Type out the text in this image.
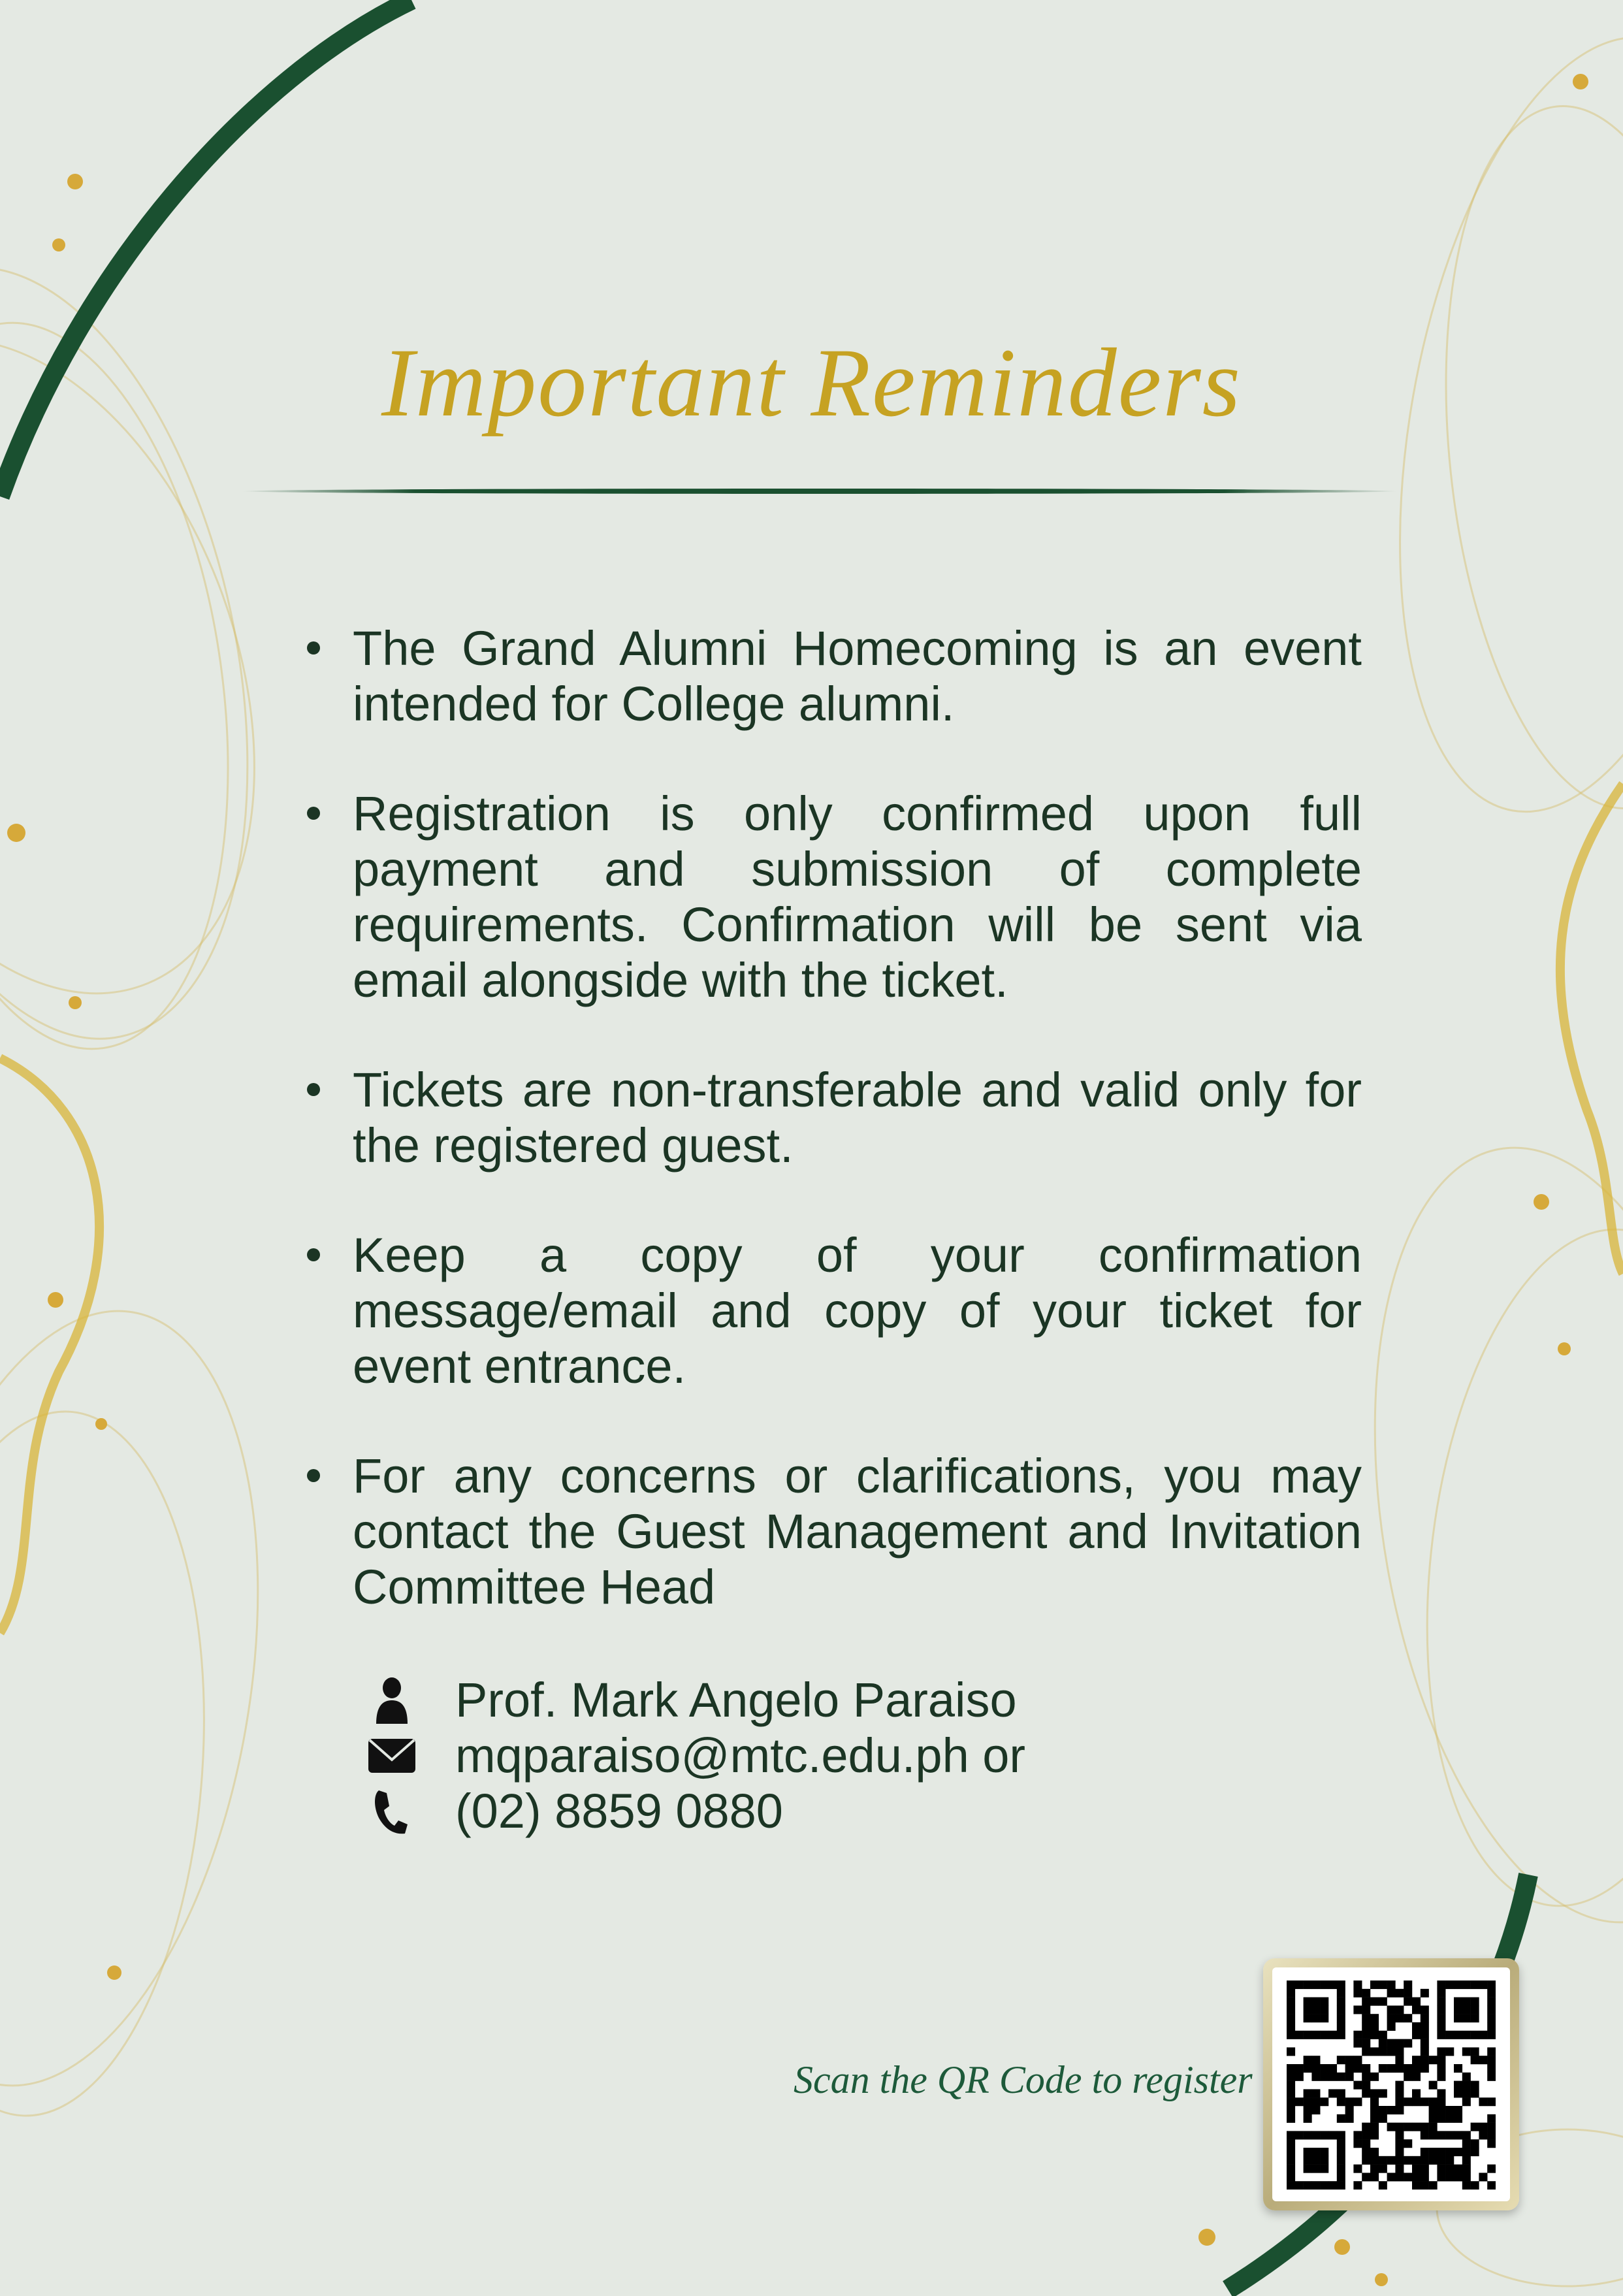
Important Reminders
The Grand Alumni Homecoming is an event intended for College alumni.
Registration is only confirmed upon full payment and submission of complete requirements. Confirmation will be sent via email alongside with the ticket.
Tickets are non-transferable and valid only for the registered guest.
Keep a copy of your confirmation message/email and copy of your ticket for event entrance.
For any concerns or clarifications, you may contact the Guest Management and Invitation Committee Head
Prof. Mark Angelo Paraiso
mqparaiso@mtc.edu.ph or
(02) 8859 0880
Scan the QR Code to register
